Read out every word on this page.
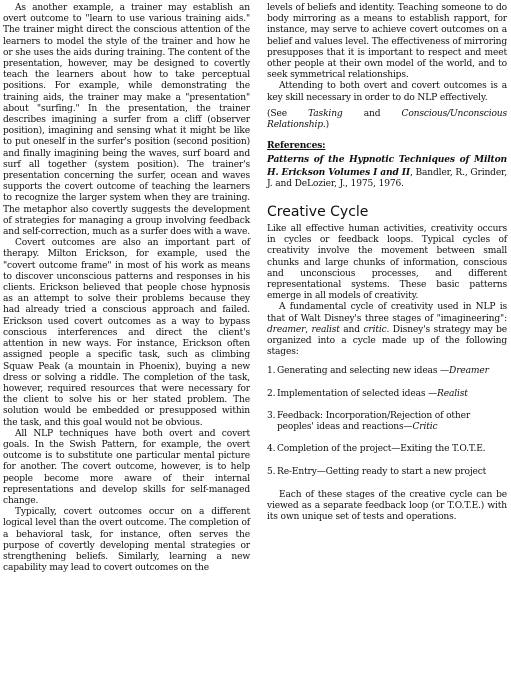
As another example, a trainer may establish an overt outcome to "learn to use various training aids." The trainer might direct the conscious attention of the learners to model the style of the trainer and how he or she uses the aids during training. The content of the presentation, however, may be designed to covertly teach the learners about how to take perceptual positions. For example, while demonstrating the training aids, the trainer may make a "presentation" about "surfing." In the presentation, the trainer describes imagining a surfer from a cliff (observer position), imagining and sensing what it might be like to put oneself in the surfer's position (second position) and finally imagining being the waves, surf board and surf all together (system position). The trainer's presentation concerning the surfer, ocean and waves supports the covert outcome of teaching the learners to recognize the larger system when they are training. The metaphor also covertly suggests the development of strategies for managing a group involving feedback and self-correction, much as a surfer does with a wave.

Covert outcomes are also an important part of therapy. Milton Erickson, for example, used the "covert outcome frame" in most of his work as means to discover unconscious patterns and responses in his clients. Erickson believed that people chose hypnosis as an attempt to solve their problems because they had already tried a conscious approach and failed. Erickson used covert outcomes as a way to bypass conscious interferences and direct the client's attention in new ways. For instance, Erickson often assigned people a specific task, such as climbing Squaw Peak (a mountain in Phoenix), buying a new dress or solving a riddle. The completion of the task, however, required resources that were necessary for the client to solve his or her stated problem. The solution would be embedded or presupposed within the task, and this goal would not be obvious.

All NLP techniques have both overt and covert goals. In the Swish Pattern, for example, the overt outcome is to substitute one particular mental picture for another. The covert outcome, however, is to help people become more aware of their internal representations and develop skills for self-managed change.

Typically, covert outcomes occur on a different logical level than the overt outcome. The completion of a behavioral task, for instance, often serves the purpose of covertly developing mental strategies or strengthening beliefs. Similarly, learning a new capability may lead to covert outcomes on the

levels of beliefs and identity. Teaching someone to do body mirroring as a means to establish rapport, for instance, may serve to achieve covert outcomes on a belief and values level. The effectiveness of mirroring presupposes that it is important to respect and meet other people at their own model of the world, and to seek symmetrical relationships.

Attending to both overt and covert outcomes is a key skill necessary in order to do NLP effectively.

(See Tasking and Conscious/Unconscious Relationship.)

References:

Patterns of the Hypnotic Techniques of Milton H. Erickson Volumes I and II, Bandler, R., Grinder, J. and DeLozier, J., 1975, 1976.

Creative Cycle

Like all effective human activities, creativity occurs in cycles or feedback loops. Typical cycles of creativity involve the movement between small chunks and large chunks of information, conscious and unconscious processes, and different representational systems. These basic patterns emerge in all models of creativity.

A fundamental cycle of creativity used in NLP is that of Walt Disney's three stages of "imagineering": dreamer, realist and critic. Disney's strategy may be organized into a cycle made up of the following stages:

1. Generating and selecting new ideas —Dreamer
2. Implementation of selected ideas —Realist
3. Feedback: Incorporation/Rejection of other peoples' ideas and reactions—Critic
4. Completion of the project—Exiting the T.O.T.E.
5. Re-Entry—Getting ready to start a new project

Each of these stages of the creative cycle can be viewed as a separate feedback loop (or T.O.T.E.) with its own unique set of tests and operations.
